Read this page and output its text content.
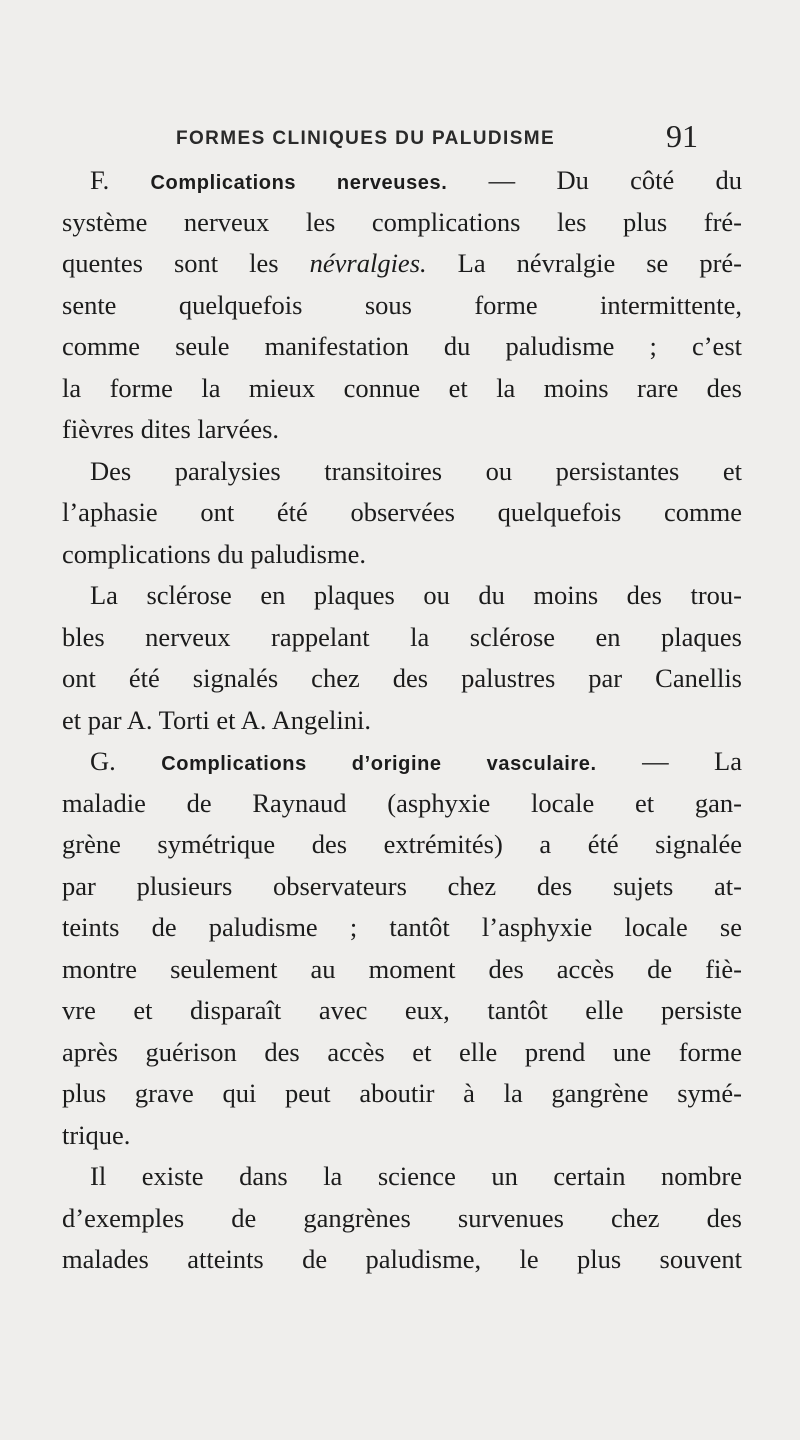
FORMES CLINIQUES DU PALUDISME	91
F. Complications nerveuses. — Du côté du
système nerveux les complications les plus fré-
quentes sont les névralgies. La névralgie se pré-
sente quelquefois sous forme intermittente,
comme seule manifestation du paludisme ; c’est
la forme la mieux connue et la moins rare des
fièvres dites larvées.
Des paralysies transitoires ou persistantes et
l’aphasie ont été observées quelquefois comme
complications du paludisme.
La sclérose en plaques ou du moins des trou-
bles nerveux rappelant la sclérose en plaques
ont été signalés chez des palustres par Canellis
et par A. Torti et A. Angelini.
G. Complications d’origine vasculaire. — La
maladie de Raynaud (asphyxie locale et gan-
grène symétrique des extrémités) a été signalée
par plusieurs observateurs chez des sujets at-
teints de paludisme ; tantôt l’asphyxie locale se
montre seulement au moment des accès de fiè-
vre et disparaît avec eux, tantôt elle persiste
après guérison des accès et elle prend une forme
plus grave qui peut aboutir à la gangrène symé-
trique.
Il existe dans la science un certain nombre
d’exemples de gangrènes survenues chez des
malades atteints de paludisme, le plus souvent
